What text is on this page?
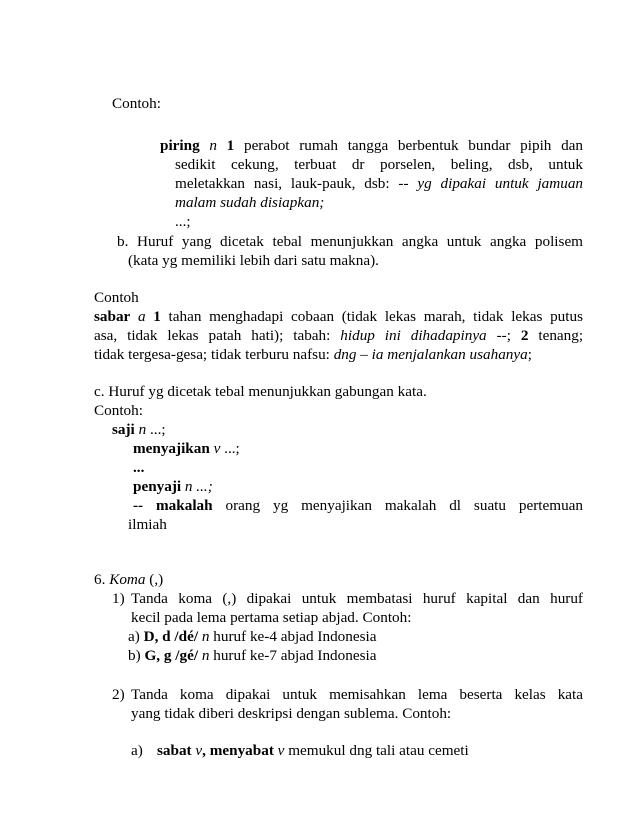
Contoh:
piring n 1 perabot rumah tangga berbentuk bundar pipih dan
sedikit cekung, terbuat dr porselen, beling, dsb, untuk
meletakkan nasi, lauk-pauk, dsb: -- yg dipakai untuk jamuan
malam sudah disiapkan;
...;
b. Huruf yang dicetak tebal menunjukkan angka untuk angka polisem
(kata yg memiliki lebih dari satu makna).
Contoh
sabar a 1 tahan menghadapi cobaan (tidak lekas marah, tidak lekas putus
asa, tidak lekas patah hati); tabah: hidup ini dihadapinya --; 2 tenang;
tidak tergesa-gesa; tidak terburu nafsu: dng – ia menjalankan usahanya;
c. Huruf yg dicetak tebal menunjukkan gabungan kata.
Contoh:
saji n ...;
menyajikan v ...;
...
penyaji n ...;
-- makalah orang yg menyajikan makalah dl suatu pertemuan
ilmiah
6. Koma (,)
1) Tanda koma (,) dipakai untuk membatasi huruf kapital dan huruf
kecil pada lema pertama setiap abjad. Contoh:
a) D, d /dé/ n huruf ke-4 abjad Indonesia
b) G, g /gé/ n huruf ke-7 abjad Indonesia
2) Tanda koma dipakai untuk memisahkan lema beserta kelas kata
yang tidak diberi deskripsi dengan sublema. Contoh:
a) sabat v, menyabat v memukul dng tali atau cemeti
